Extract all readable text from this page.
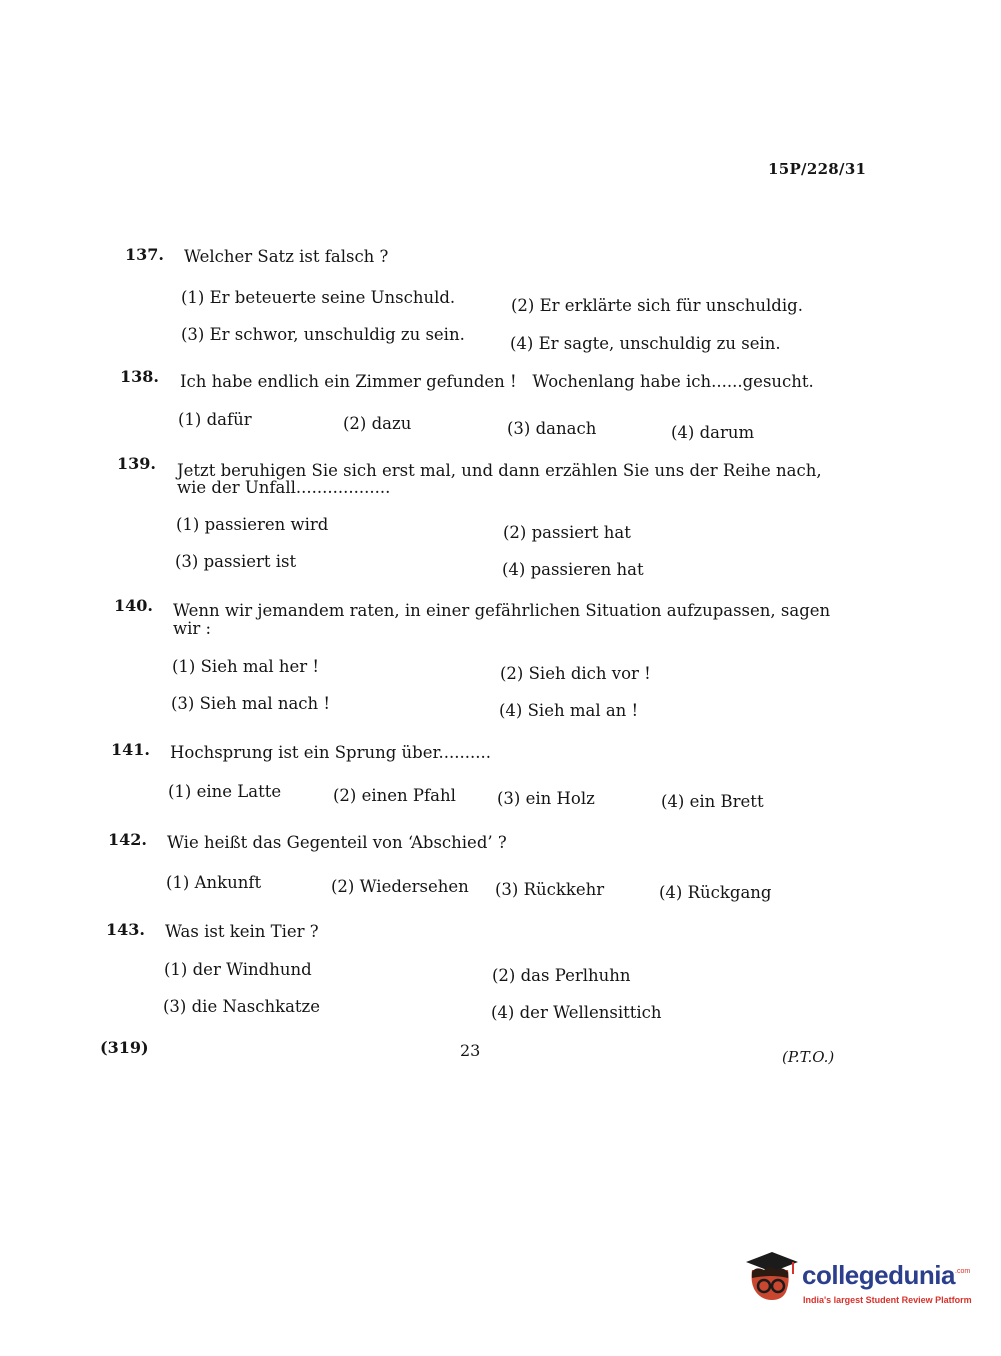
15P/228/31
137. Welcher Satz ist falsch ?
(1) Er beteuerte seine Unschuld.	(2) Er erklärte sich für unschuldig.
(3) Er schwor, unschuldig zu sein.	(4) Er sagte, unschuldig zu sein.
138. Ich habe endlich ein Zimmer gefunden !   Wochenlang habe ich......gesucht.
(1) dafür	(2) dazu	(3) danach	(4) darum
139. Jetzt beruhigen Sie sich erst mal, und dann erzählen Sie uns der Reihe nach,
wie der Unfall..................
(1) passieren wird	(2) passiert hat
(3) passiert ist	(4) passieren hat
140. Wenn wir jemandem raten, in einer gefährlichen Situation aufzupassen, sagen
wir :
(1) Sieh mal her !	(2) Sieh dich vor !
(3) Sieh mal nach !	(4) Sieh mal an !
141. Hochsprung ist ein Sprung über..........
(1) eine Latte	(2) einen Pfahl (3) ein Holz	(4) ein Brett
142. Wie heißt das Gegenteil von ‘Abschied’ ?
(1) Ankunft	(2) Wiedersehen (3) Rückkehr	(4) Rückgang
143. Was ist kein Tier ?
(1) der Windhund	(2) das Perlhuhn
(3) die Naschkatze	(4) der Wellensittich
(319)	23	(P.T.O.)
collegedunia .com
India's largest Student Review Platform
